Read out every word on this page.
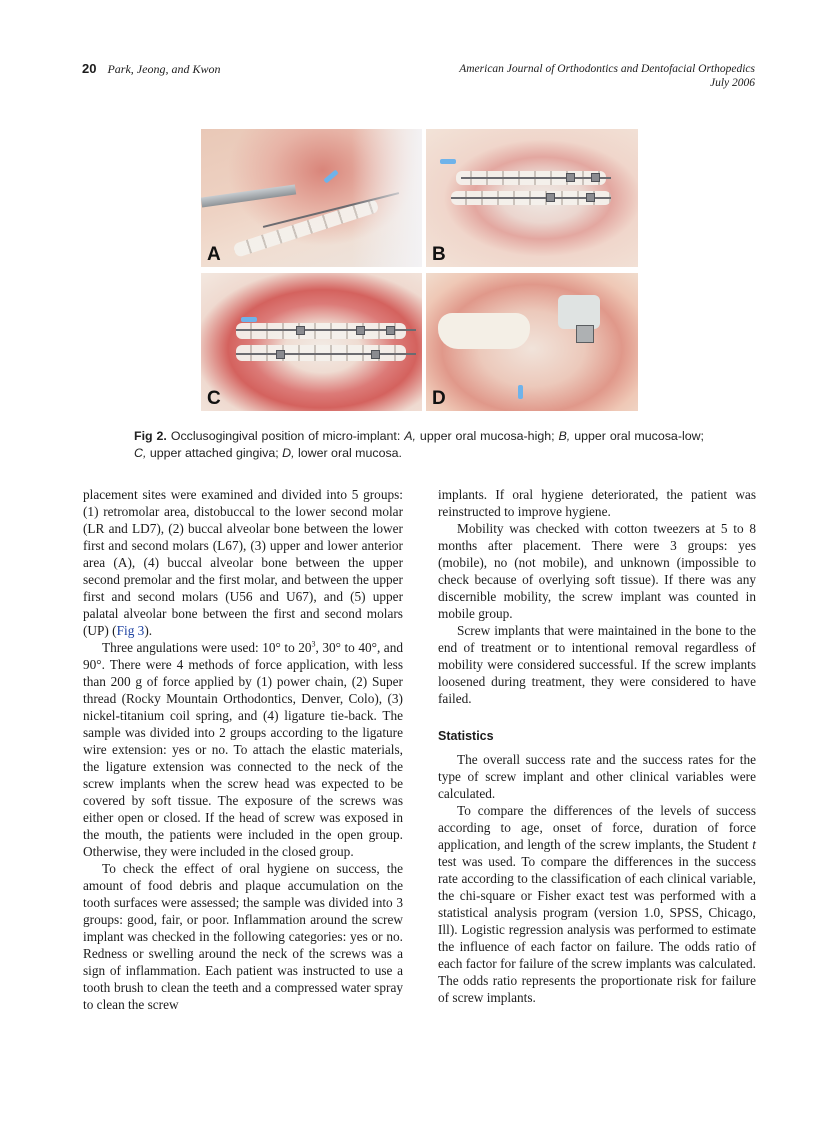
20 Park, Jeong, and Kwon	American Journal of Orthodontics and Dentofacial Orthopedics
July 2006
A	B
C	D
Fig 2. Occlusogingival position of micro-implant: A, upper oral mucosa-high; B, upper oral mucosa-low; C, upper attached gingiva; D, lower oral mucosa.

placement sites were examined and divided into 5 groups: (1) retromolar area, distobuccal to the lower second molar (LR and LD7), (2) buccal alveolar bone between the lower first and second molars (L67), (3) upper and lower anterior area (A), (4) buccal alveolar bone between the upper second premolar and the first molar, and between the upper first and second molars (U56 and U67), and (5) upper palatal alveolar bone between the first and second molars (UP) (Fig 3).

Three angulations were used: 10° to $20^3$, 30° to 40°, and 90°. There were 4 methods of force application, with less than 200 g of force applied by (1) power chain, (2) Super thread (Rocky Mountain Orthodontics, Denver, Colo), (3) nickel-titanium coil spring, and (4) ligature tie-back. The sample was divided into 2 groups according to the ligature wire extension: yes or no. To attach the elastic materials, the ligature extension was connected to the neck of the screw implants when the screw head was expected to be covered by soft tissue. The exposure of the screws was either open or closed. If the head of screw was exposed in the mouth, the patients were included in the open group. Otherwise, they were included in the closed group.

To check the effect of oral hygiene on success, the amount of food debris and plaque accumulation on the tooth surfaces were assessed; the sample was divided into 3 groups: good, fair, or poor. Inflammation around the screw implant was checked in the following categories: yes or no. Redness or swelling around the neck of the screws was a sign of inflammation. Each patient was instructed to use a tooth brush to clean the teeth and a compressed water spray to clean the screw

implants. If oral hygiene deteriorated, the patient was reinstructed to improve hygiene.

Mobility was checked with cotton tweezers at 5 to 8 months after placement. There were 3 groups: yes (mobile), no (not mobile), and unknown (impossible to check because of overlying soft tissue). If there was any discernible mobility, the screw implant was counted in mobile group.

Screw implants that were maintained in the bone to the end of treatment or to intentional removal regardless of mobility were considered successful. If the screw implants loosened during treatment, they were considered to have failed.

Statistics

The overall success rate and the success rates for the type of screw implant and other clinical variables were calculated.

To compare the differences of the levels of success according to age, onset of force, duration of force application, and length of the screw implants, the Student t test was used. To compare the differences in the success rate according to the classification of each clinical variable, the chi-square or Fisher exact test was performed with a statistical analysis program (version 1.0, SPSS, Chicago, Ill). Logistic regression analysis was performed to estimate the influence of each factor on failure. The odds ratio of each factor for failure of the screw implants was calculated. The odds ratio represents the proportionate risk for failure of screw implants.
